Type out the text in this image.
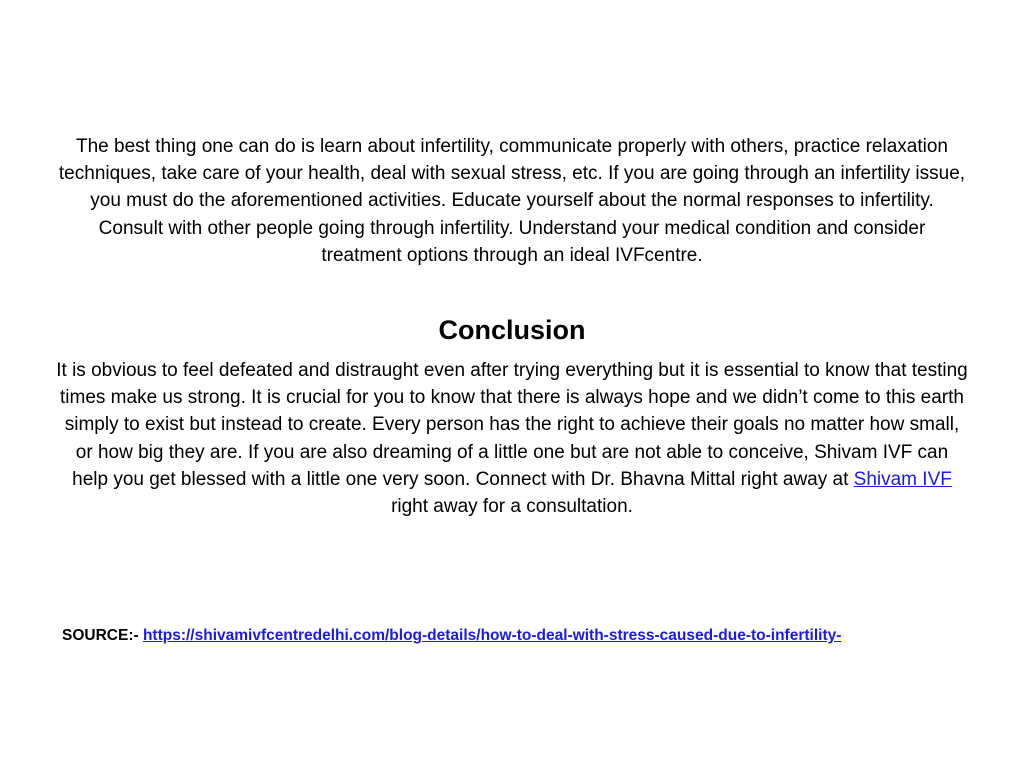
The best thing one can do is learn about infertility, communicate properly with others, practice relaxation techniques, take care of your health, deal with sexual stress, etc. If you are going through an infertility issue, you must do the aforementioned activities. Educate yourself about the normal responses to infertility. Consult with other people going through infertility. Understand your medical condition and consider treatment options through an ideal IVFcentre.
Conclusion
It is obvious to feel defeated and distraught even after trying everything but it is essential to know that testing times make us strong. It is crucial for you to know that there is always hope and we didn’t come to this earth simply to exist but instead to create. Every person has the right to achieve their goals no matter how small, or how big they are. If you are also dreaming of a little one but are not able to conceive, Shivam IVF can help you get blessed with a little one very soon. Connect with Dr. Bhavna Mittal right away at Shivam IVF right away for a consultation.
SOURCE:- https://shivamivfcentredelhi.com/blog-details/how-to-deal-with-stress-caused-due-to-infertility-
